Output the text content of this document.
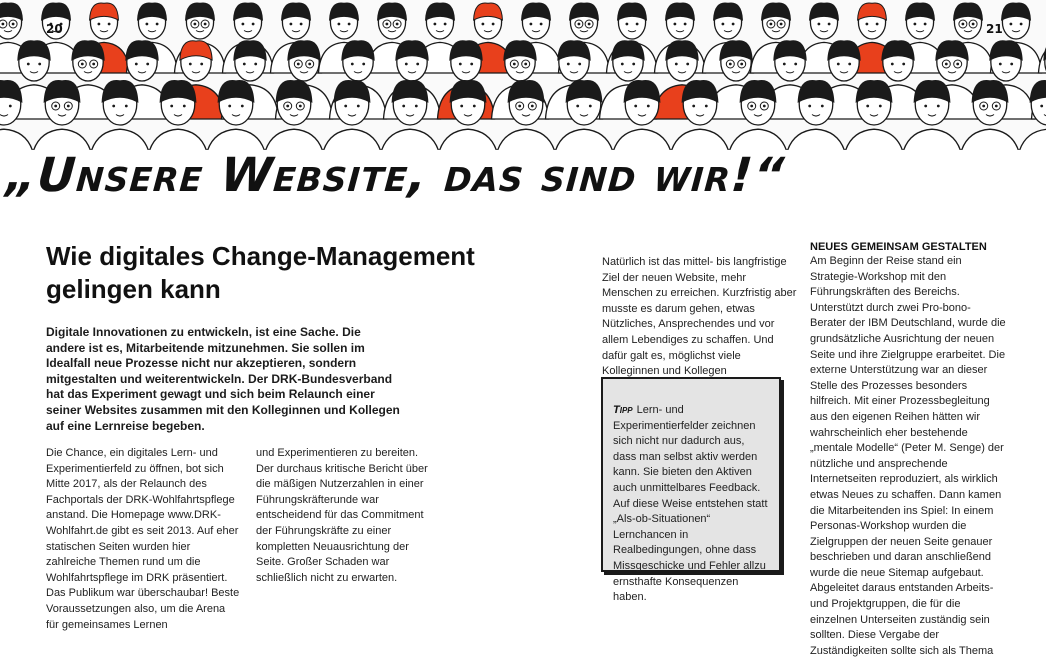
20	21
„Unsere Website, das sind wir!“
Wie digitales Change-Management gelingen kann

Digitale Innovationen zu entwickeln, ist eine Sache. Die andere ist es, Mitarbeitende mitzunehmen. Sie sollen im Idealfall neue Prozesse nicht nur akzeptieren, sondern mitgestalten und weiterentwickeln. Der DRK-Bundesverband hat das Experiment gewagt und sich beim Relaunch einer seiner Websites zusammen mit den Kolleginnen und Kollegen auf eine Lernreise begeben.

Die Chance, ein digitales Lern- und Experimentierfeld zu öffnen, bot sich Mitte 2017, als der Relaunch des Fachportals der DRK-Wohlfahrtspflege anstand. Die Homepage www.DRK-Wohlfahrt.de gibt es seit 2013. Auf eher statischen Seiten wurden hier zahlreiche Themen rund um die Wohlfahrtspflege im DRK präsentiert. Das Publikum war überschaubar! Beste Voraussetzungen also, um die Arena für gemeinsames Lernen

und Experimentieren zu bereiten. Der durchaus kritische Bericht über die mäßigen Nutzerzahlen in einer Führungskräfterunde war entscheidend für das Commitment der Führungskräfte zu einer kompletten Neuausrichtung der Seite. Großer Schaden war schließlich nicht zu erwarten.

Natürlich ist das mittel- bis langfristige Ziel der neuen Website, mehr Menschen zu erreichen. Kurzfristig aber musste es darum gehen, etwas Nützliches, Ansprechendes und vor allem Lebendiges zu schaffen. Und dafür galt es, möglichst viele Kolleginnen und Kollegen

Tipp Lern- und Experimentierfelder zeichnen sich nicht nur dadurch aus, dass man selbst aktiv werden kann. Sie bieten den Aktiven auch unmittelbares Feedback. Auf diese Weise entstehen statt „Als-ob-Situationen“ Lernchancen in Realbedingungen, ohne dass Missgeschicke und Fehler allzu ernsthafte Konsequenzen haben.
NEUES GEMEINSAM GESTALTEN

Am Beginn der Reise stand ein Strategie-Workshop mit den Führungskräften des Bereichs. Unterstützt durch zwei Pro-bono-Berater der IBM Deutschland, wurde die grundsätzliche Ausrichtung der neuen Seite und ihre Zielgruppe erarbeitet. Die externe Unterstützung war an dieser Stelle des Prozesses besonders hilfreich. Mit einer Prozessbegleitung aus den eigenen Reihen hätten wir wahrscheinlich eher bestehende „mentale Modelle“ (Peter M. Senge) der nützliche und ansprechende Internetseiten reproduziert, als wirklich etwas Neues zu schaffen. Dann kamen die Mitarbeitenden ins Spiel: In einem Personas-Workshop wurden die Zielgruppen der neuen Seite genauer beschrieben und daran anschließend wurde die neue Sitemap aufgebaut. Abgeleitet daraus entstanden Arbeits- und Projektgruppen, die für die einzelnen Unterseiten zuständig sein sollten. Diese Vergabe der Zuständigkeiten sollte sich als Thema
